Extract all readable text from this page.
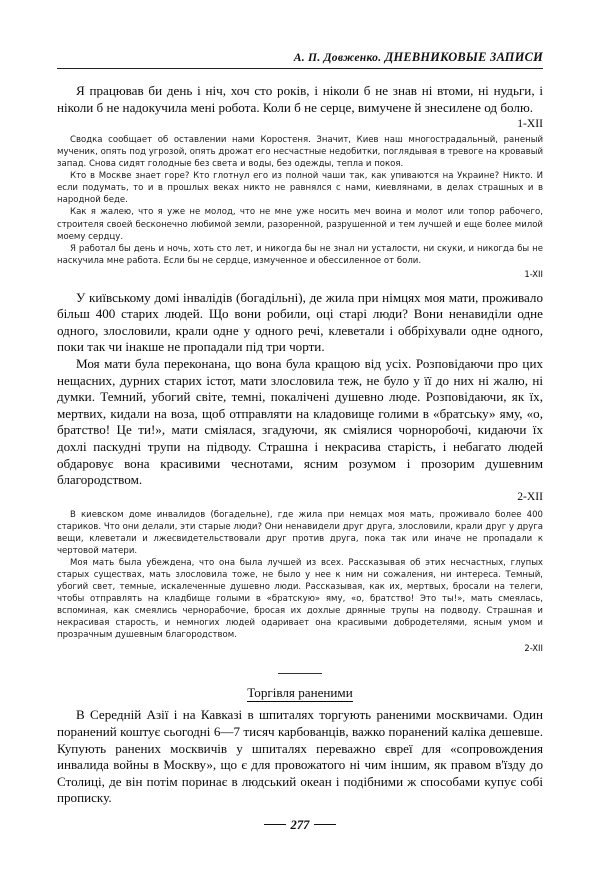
А. П. Довженко. ДНЕВНИКОВЫЕ ЗАПИСИ

Я працював би день і ніч, хоч сто років, і ніколи б не знав ні втоми, ні нудьги, і ніколи б не надокучила мені робота. Коли б не серце, вимучене й знесилене од болю.

1-XII

Сводка сообщает об оставлении нами Коростеня. Значит, Киев наш многострадальный, раненый мученик, опять под угрозой, опять дрожат его несчастные недобитки, поглядывая в тревоге на кровавый запад. Снова сидят голодные без света и воды, без одежды, тепла и покоя.

Кто в Москве знает горе? Кто глотнул его из полной чаши так, как упиваются на Украине? Никто. И если подумать, то и в прошлых веках никто не равнялся с нами, киевлянами, в делах страшных и в народной беде.

Как я жалею, что я уже не молод, что не мне уже носить меч воина и молот или топор рабочего, строителя своей бесконечно любимой земли, разоренной, разрушенной и тем лучшей и еще более милой моему сердцу.

Я работал бы день и ночь, хоть сто лет, и никогда бы не знал ни усталости, ни скуки, и никогда бы не наскучила мне работа. Если бы не сердце, измученное и обессиленное от боли.

1-XII

У київському домі інвалідів (богадільні), де жила при німцях моя мати, проживало більш 400 старих людей. Що вони робили, оці старі люди? Вони ненавиділи одне одного, злословили, крали одне у одного речі, клеветали і оббріхували одне одного, поки так чи інакше не пропадали під три чорти.

Моя мати була переконана, що вона була кращою від усіх. Розповідаючи про цих нещасних, дурних старих істот, мати злословила теж, не було у її до них ні жалю, ні думки. Темний, убогий світе, темні, покалічені душевно люде. Розповідаючи, як їх, мертвих, кидали на воза, щоб отправляти на кладовище голими в «братську» яму, «о, братство! Це ти!», мати сміялася, згадуючи, як сміялися чорноробочі, кидаючи їх дохлі паскудні трупи на підводу. Страшна і некрасива старість, і небагато людей обдаровує вона красивими чеснотами, ясним розумом і прозорим душевним благородством.

2-XII

В киевском доме инвалидов (богадельне), где жила при немцах моя мать, проживало более 400 стариков. Что они делали, эти старые люди? Они ненавидели друг друга, злословили, крали друг у друга вещи, клеветали и лжесвидетельствовали друг против друга, пока так или иначе не пропадали к чертовой матери.

Моя мать была убеждена, что она была лучшей из всех. Рассказывая об этих несчастных, глупых старых существах, мать злословила тоже, не было у нее к ним ни сожаления, ни интереса. Темный, убогий свет, темные, искалеченные душевно люди. Рассказывая, как их, мертвых, бросали на телеги, чтобы отправлять на кладбище голыми в «братскую» яму, «о, братство! Это ты!», мать смеялась, вспоминая, как смеялись чернорабочие, бросая их дохлые дрянные трупы на подводу. Страшная и некрасивая старость, и немногих людей одаривает она красивыми добродетелями, ясным умом и прозрачным душевным благородством.

2-XII
Торгівля раненими

В Середній Азії і на Кавказі в шпиталях торгують раненими москвичами. Один поранений коштує сьогодні 6—7 тисяч карбованців, важко поранений каліка дешевше. Купують ранених москвичів у шпиталях переважно євреї для «сопровождения инвалида войны в Москву», що є для провожатого ні чим іншим, як правом в'їзду до Столиці, де він потім поринає в людський океан і подібними ж способами купує собі прописку.

277
